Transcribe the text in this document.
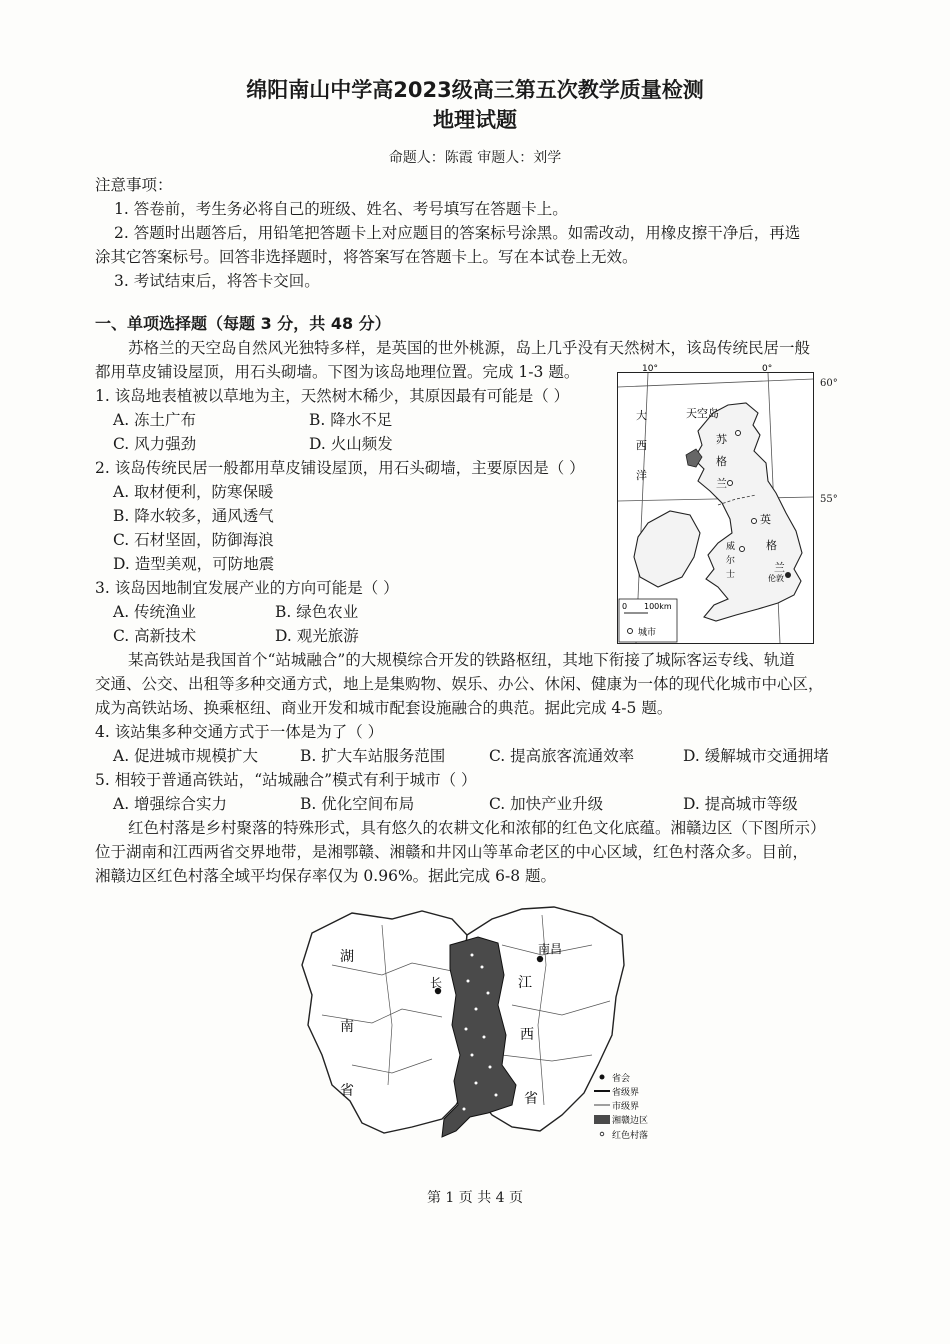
绵阳南山中学高2023级高三第五次教学质量检测
地理试题
命题人：陈霞 审题人：刘学
注意事项：
1. 答卷前，考生务必将自己的班级、姓名、考号填写在答题卡上。
2. 答题时出题答后，用铅笔把答题卡上对应题目的答案标号涂黑。如需改动，用橡皮擦干净后，再选
涂其它答案标号。回答非选择题时，将答案写在答题卡上。写在本试卷上无效。
3. 考试结束后，将答卡交回。
一、单项选择题（每题 3 分，共 48 分）
苏格兰的天空岛自然风光独特多样，是英国的世外桃源，岛上几乎没有天然树木，该岛传统民居一般
都用草皮铺设屋顶，用石头砌墙。下图为该岛地理位置。完成 1-3 题。
1. 该岛地表植被以草地为主，天然树木稀少，其原因最有可能是（ ）
A. 冻土广布	B. 降水不足
C. 风力强劲	D. 火山频发
2. 该岛传统民居一般都用草皮铺设屋顶，用石头砌墙，主要原因是（ ）
A. 取材便利，防寒保暖
B. 降水较多，通风透气
C. 石材坚固，防御海浪
D. 造型美观，可防地震
3. 该岛因地制宜发展产业的方向可能是（ ）
A. 传统渔业	B. 绿色农业
C. 高新技术	D. 观光旅游
10°	0°
天空岛
大
西
洋
苏
格
兰
英
格
兰
威
尔
士	伦敦
0 100km
城市
60°
55°
某高铁站是我国首个“站城融合”的大规模综合开发的铁路枢纽，其地下衔接了城际客运专线、轨道
交通、公交、出租等多种交通方式，地上是集购物、娱乐、办公、休闲、健康为一体的现代化城市中心区，
成为高铁站场、换乘枢纽、商业开发和城市配套设施融合的典范。据此完成 4-5 题。
4. 该站集多种交通方式于一体是为了（ ）
A. 促进城市规模扩大	B. 扩大车站服务范围	C. 提高旅客流通效率	D. 缓解城市交通拥堵
5. 相较于普通高铁站，“站城融合”模式有利于城市（ ）
A. 增强综合实力	B. 优化空间布局	C. 加快产业升级	D. 提高城市等级
红色村落是乡村聚落的特殊形式，具有悠久的农耕文化和浓郁的红色文化底蕴。湘赣边区（下图所示）
位于湖南和江西两省交界地带，是湘鄂赣、湘赣和井冈山等革命老区的中心区域，红色村落众多。目前，
湘赣边区红色村落全域平均保存率仅为 0.96%。据此完成 6-8 题。
湖
南
省
江
西
省
南昌
长
省会
省级界
市级界
湘赣边区
红色村落
第 1 页 共 4 页
